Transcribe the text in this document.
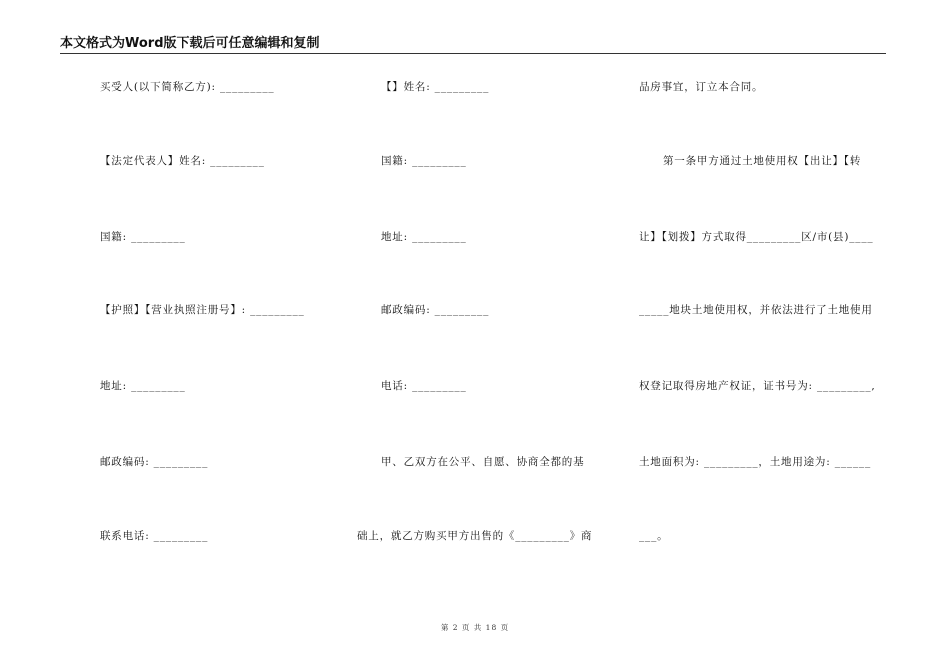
本文格式为Word版下载后可任意编辑和复制
买受人(以下简称乙方): _________
【法定代表人】姓名: _________
国籍: _________
【护照】【营业执照注册号】: _________
地址: _________
邮政编码: _________
联系电话: _________
【】姓名: _________
国籍: _________
地址: _________
邮政编码: _________
电话: _________
甲、乙双方在公平、自愿、协商全都的基
础上，就乙方购买甲方出售的《_________》商
品房事宜，订立本合同。
第一条甲方通过土地使用权【出让】【转
让】【划拨】方式取得_________区/市(县)____
_____地块土地使用权，并依法进行了土地使用
权登记取得房地产权证，证书号为: _________,
土地面积为: _________，土地用途为: ______
___。
第 2 页 共 18 页
